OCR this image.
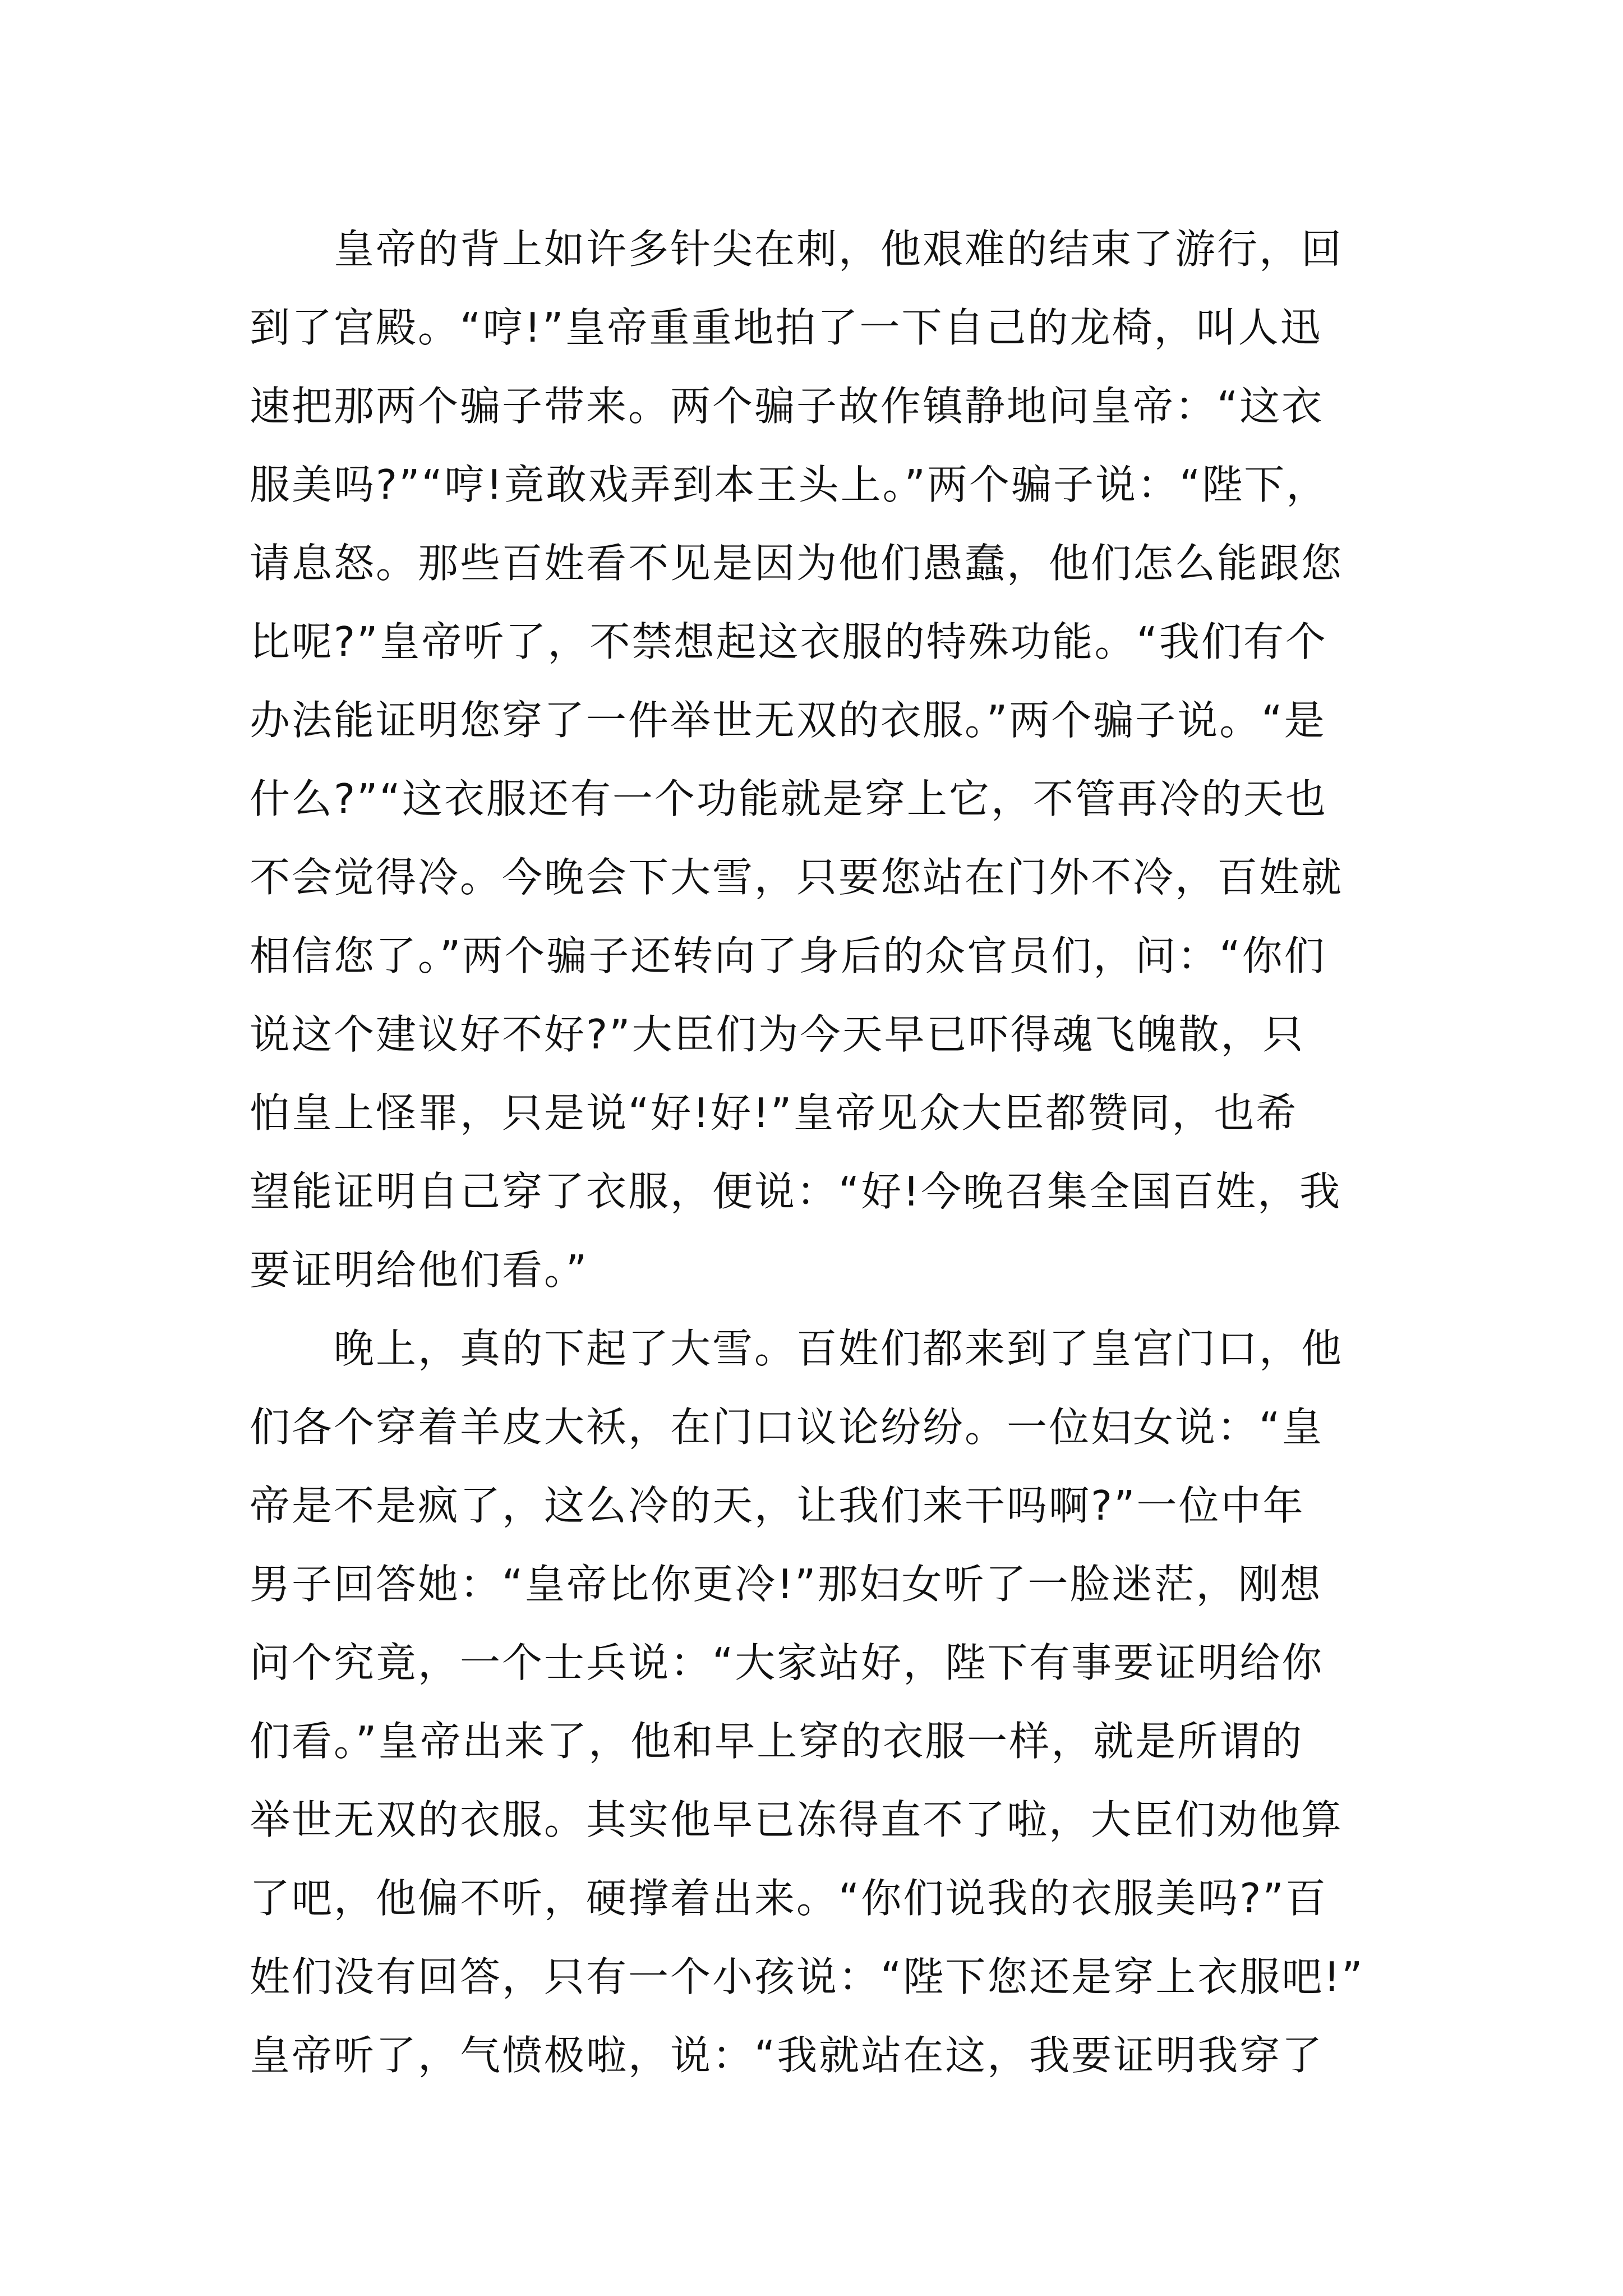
皇帝的背上如许多针尖在刺，他艰难的结束了游行，回
到了宫殿。“哼!”皇帝重重地拍了一下自己的龙椅，叫人迅
速把那两个骗子带来。两个骗子故作镇静地问皇帝：“这衣
服美吗?”“哼!竟敢戏弄到本王头上。”两个骗子说：“陛下，
请息怒。那些百姓看不见是因为他们愚蠢，他们怎么能跟您
比呢?”皇帝听了，不禁想起这衣服的特殊功能。“我们有个
办法能证明您穿了一件举世无双的衣服。”两个骗子说。“是
什么?”“这衣服还有一个功能就是穿上它，不管再冷的天也
不会觉得冷。今晚会下大雪，只要您站在门外不冷，百姓就
相信您了。”两个骗子还转向了身后的众官员们，问：“你们
说这个建议好不好?”大臣们为今天早已吓得魂飞魄散，只
怕皇上怪罪，只是说“好!好!”皇帝见众大臣都赞同，也希
望能证明自己穿了衣服，便说：“好!今晚召集全国百姓，我
要证明给他们看。”
晚上，真的下起了大雪。百姓们都来到了皇宫门口，他
们各个穿着羊皮大袄，在门口议论纷纷。一位妇女说：“皇
帝是不是疯了，这么冷的天，让我们来干吗啊?”一位中年
男子回答她：“皇帝比你更冷!”那妇女听了一脸迷茫，刚想
问个究竟，一个士兵说：“大家站好，陛下有事要证明给你
们看。”皇帝出来了，他和早上穿的衣服一样，就是所谓的
举世无双的衣服。其实他早已冻得直不了啦，大臣们劝他算
了吧，他偏不听，硬撑着出来。“你们说我的衣服美吗?”百
姓们没有回答，只有一个小孩说：“陛下您还是穿上衣服吧!”
皇帝听了，气愤极啦，说：“我就站在这，我要证明我穿了
